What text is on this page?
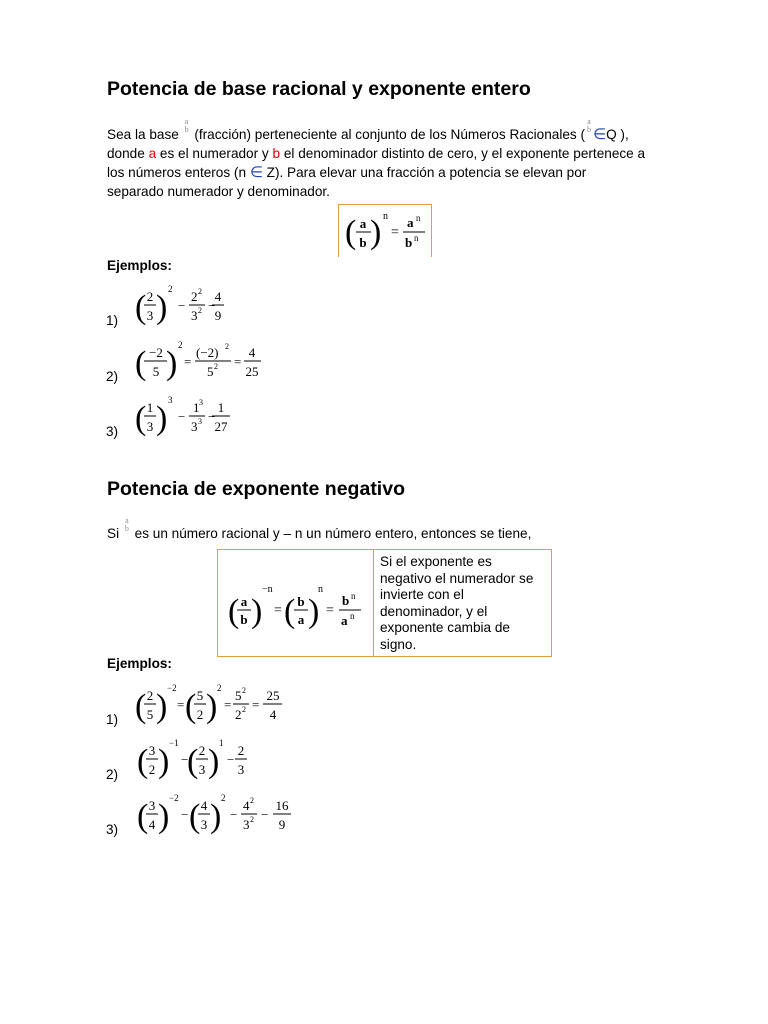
Potencia de base racional y exponente entero
Sea la base
a
b (fracción) perteneciente al conjunto de los Números Racionales (
a
b ∈Q ),
donde a es el numerador y b el denominador distinto de cero, y el exponente pertenece a
los números enteros (n ∈ Z). Para elevar una fracción a potencia se elevan por
separado numerador y denominador.
( a
b ) n
=
a n
b n
Ejemplos:
1) ( 2
3 ) 2
−
2 2
3 2 −
4
9
2) ( −2
5 ) 2
=
(−2) 2
5 2 =
4
25
3) ( 1
3 ) 3
−
1 3
3 3 −
1
27
Potencia de exponente negativo
Si
a
b es un número racional y – n un número entero, entonces se tiene,
( a
b )
−n
= ( b
a )
n
=
b n
a n
Si el exponente es
negativo el numerador se
invierte con el
denominador, y el
exponente cambia de
signo.
Ejemplos:
1) ( 2
5 ) −2
= ( 5
2 ) 2
=
5 2
2 2 =
25
4
2) ( 3
2 ) −1
−
( 2
3 ) 1
−
2
3
3) ( 3
4 ) −2
− ( 4
3 ) 2
−
4 2
3 2 −
16
9
